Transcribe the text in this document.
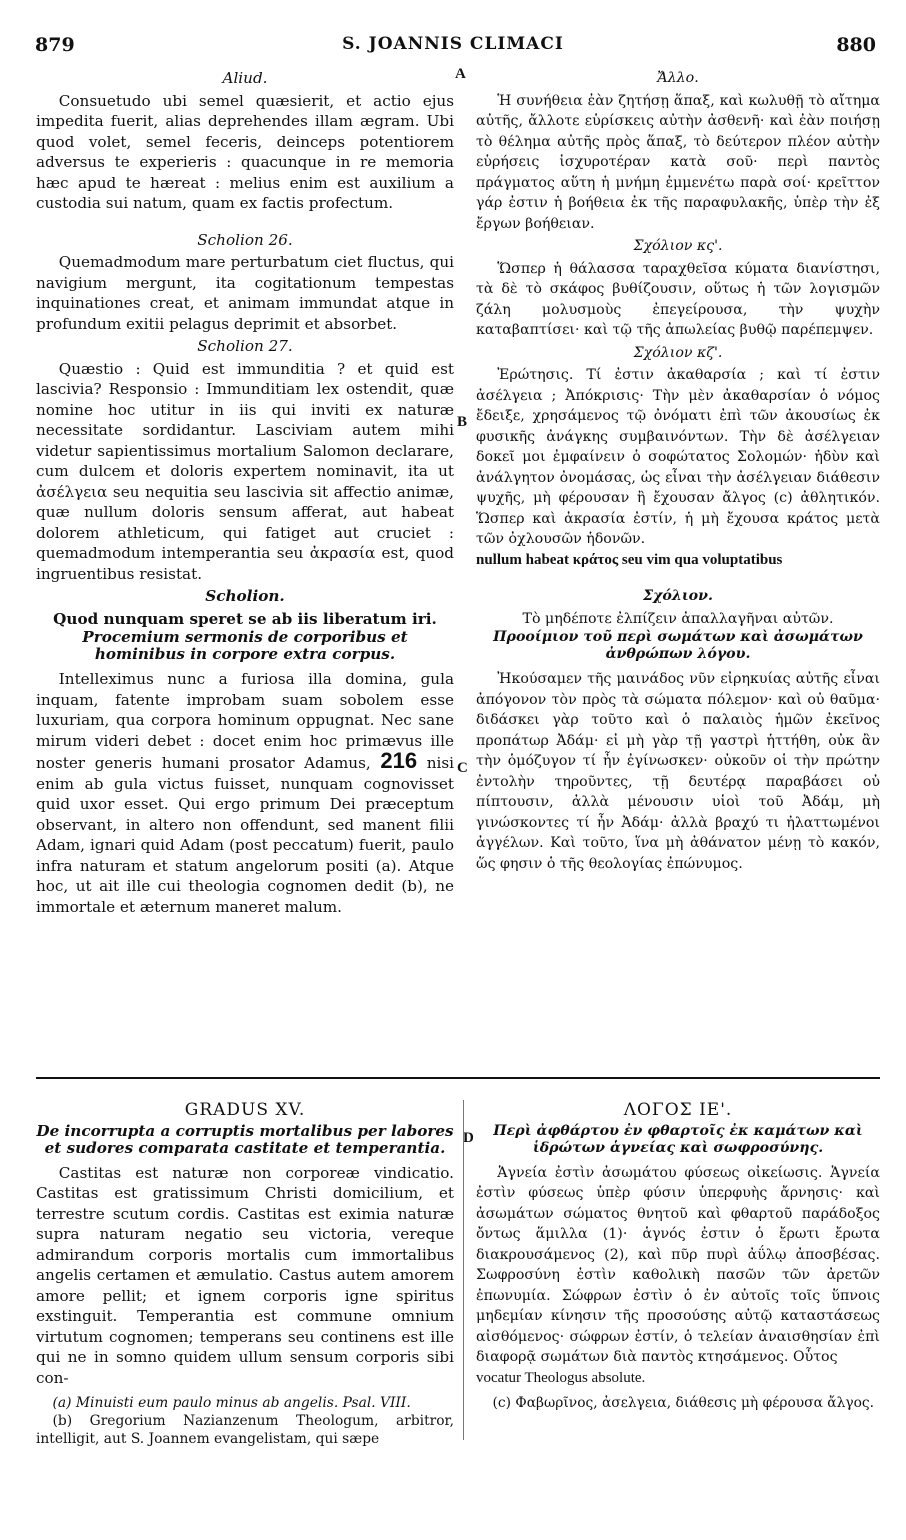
879	S. JOANNIS CLIMACI	880
A
B
C
D
Aliud.

Consuetudo ubi semel quæsierit, et actio ejus impedita fuerit, alias deprehendes illam ægram. Ubi quod volet, semel feceris, deinceps potentiorem adversus te experieris : quacunque in re memoria hæc apud te hæreat : melius enim est auxilium a custodia sui natum, quam ex factis profectum.

Scholion 26.

Quemadmodum mare perturbatum ciet fluctus, qui navigium mergunt, ita cogitationum tempestas inquinationes creat, et animam immundat atque in profundum exitii pelagus deprimit et absorbet.

Scholion 27.

Quæstio : Quid est immunditia ? et quid est lascivia? Responsio : Immunditiam lex ostendit, quæ nomine hoc utitur in iis qui inviti ex naturæ necessitate sordidantur. Lasciviam autem mihi videtur sapientissimus mortalium Salomon declarare, cum dulcem et doloris expertem nominavit, ita ut ἀσέλγεια seu nequitia seu lascivia sit affectio animæ, quæ nullum doloris sensum afferat, aut habeat dolorem athleticum, qui fatiget aut cruciet : quemadmodum intemperantia seu ἀκρασία est, quod ingruentibus resistat.

Scholion.

Quod nunquam speret se ab iis liberatum iri.

Procemium sermonis de corporibus et hominibus in corpore extra corpus.

Intelleximus nunc a furiosa illa domina, gula inquam, fatente improbam suam sobolem esse luxuriam, qua corpora hominum oppugnat. Nec sane mirum videri debet : docet enim hoc primævus ille noster generis humani prosator Adamus, 216 nisi enim ab gula victus fuisset, nunquam cognovisset quid uxor esset. Qui ergo primum Dei præceptum observant, in altero non offendunt, sed manent filii Adam, ignari quid Adam (post peccatum) fuerit, paulo infra naturam et statum angelorum positi (a). Atque hoc, ut ait ille cui theologia cognomen dedit (b), ne immortale et æternum maneret malum.

Ἄλλο.

Ἡ συνήθεια ἐὰν ζητήσῃ ἅπαξ, καὶ κωλυθῇ τὸ αἴτημα αὐτῆς, ἄλλοτε εὑρίσκεις αὐτὴν ἀσθενῆ· καὶ ἐὰν ποιήσῃ τὸ θέλημα αὐτῆς πρὸς ἅπαξ, τὸ δεύτερον πλέον αὐτὴν εὑρήσεις ἰσχυροτέραν κατὰ σοῦ· περὶ παντὸς πράγματος αὕτη ἡ μνήμη ἐμμενέτω παρὰ σοί· κρεῖττον γάρ ἐστιν ἡ βοήθεια ἐκ τῆς παραφυλακῆς, ὑπὲρ τὴν ἐξ ἔργων βοήθειαν.

Σχόλιον κς'.

Ὥσπερ ἡ θάλασσα ταραχθεῖσα κύματα διανίστησι, τὰ δὲ τὸ σκάφος βυθίζουσιν, οὕτως ἡ τῶν λογισμῶν ζάλη μολυσμοὺς ἐπεγείρουσα, τὴν ψυχὴν καταβαπτίσει· καὶ τῷ τῆς ἀπωλείας βυθῷ παρέπεμψεν.

Σχόλιον κζ'.

Ἐρώτησις. Τί ἐστιν ἀκαθαρσία ; καὶ τί ἐστιν ἀσέλγεια ; Ἀπόκρισις· Τὴν μὲν ἀκαθαρσίαν ὁ νόμος ἔδειξε, χρησάμενος τῷ ὀνόματι ἐπὶ τῶν ἀκουσίως ἐκ φυσικῆς ἀνάγκης συμβαινόντων. Τὴν δὲ ἀσέλγειαν δοκεῖ μοι ἐμφαίνειν ὁ σοφώτατος Σολομών· ἡδὺν καὶ ἀνάλγητον ὀνομάσας, ὡς εἶναι τὴν ἀσέλγειαν διάθεσιν ψυχῆς, μὴ φέρουσαν ἢ ἔχουσαν ἄλγος (c) ἀθλητικόν. Ὥσπερ καὶ ἀκρασία ἐστίν, ἡ μὴ ἔχουσα κράτος μετὰ τῶν ὀχλουσῶν ἡδονῶν.

nullum habeat κράτος seu vim qua voluptatibus

Σχόλιον.

Τὸ μηδέποτε ἐλπίζειν ἀπαλλαγῆναι αὐτῶν.

Προοίμιον τοῦ περὶ σωμάτων καὶ ἀσωμάτων ἀνθρώπων λόγου.

Ἠκούσαμεν τῆς μαινάδος νῦν εἰρηκυίας αὐτῆς εἶναι ἀπόγονον τὸν πρὸς τὰ σώματα πόλεμον· καὶ οὐ θαῦμα· διδάσκει γὰρ τοῦτο καὶ ὁ παλαιὸς ἡμῶν ἐκεῖνος προπάτωρ Ἀδάμ· εἰ μὴ γὰρ τῇ γαστρὶ ἡττήθη, οὐκ ἂν τὴν ὁμόζυγον τί ἦν ἐγίνωσκεν· οὐκοῦν οἱ τὴν πρώτην ἐντολὴν τηροῦντες, τῇ δευτέρᾳ παραβάσει οὐ πίπτουσιν, ἀλλὰ μένουσιν υἱοὶ τοῦ Ἀδάμ, μὴ γινώσκοντες τί ἦν Ἀδάμ· ἀλλὰ βραχύ τι ἠλαττωμένοι ἀγγέλων. Καὶ τοῦτο, ἵνα μὴ ἀθάνατον μένῃ τὸ κακόν, ὥς φησιν ὁ τῆς θεολογίας ἐπώνυμος.

GRADUS XV.
De incorrupta a corruptis mortalibus per labores et sudores comparata castitate et temperantia.

Castitas est naturæ non corporeæ vindicatio. Castitas est gratissimum Christi domicilium, et terrestre scutum cordis. Castitas est eximia naturæ supra naturam negatio seu victoria, vereque admirandum corporis mortalis cum immortalibus angelis certamen et æmulatio. Castus autem amorem amore pellit; et ignem corporis igne spiritus exstinguit. Temperantia est commune omnium virtutum cognomen; temperans seu continens est ille qui ne in somno quidem ullum sensum corporis sibi con-

(a) Minuisti eum paulo minus ab angelis. Psal. VIII.

(b) Gregorium Nazianzenum Theologum, arbitror, intelligit, aut S. Joannem evangelistam, qui sæpe

ΛΟΓΟΣ ΙΕ'.
Περὶ ἀφθάρτου ἐν φθαρτοῖς ἐκ καμάτων καὶ ἱδρώτων ἁγνείας καὶ σωφροσύνης.

Ἁγνεία ἐστὶν ἀσωμάτου φύσεως οἰκείωσις. Ἁγνεία ἐστὶν φύσεως ὑπὲρ φύσιν ὑπερφυὴς ἄρνησις· καὶ ἀσωμάτων σώματος θνητοῦ καὶ φθαρτοῦ παράδοξος ὄντως ἅμιλλα (1)· ἁγνός ἐστιν ὁ ἔρωτι ἔρωτα διακρουσάμενος (2), καὶ πῦρ πυρὶ ἀΰλῳ ἀποσβέσας. Σωφροσύνη ἐστὶν καθολικὴ πασῶν τῶν ἀρετῶν ἐπωνυμία. Σώφρων ἐστὶν ὁ ἐν αὐτοῖς τοῖς ὕπνοις μηδεμίαν κίνησιν τῆς προσούσης αὐτῷ καταστάσεως αἰσθόμενος· σώφρων ἐστίν, ὁ τελείαν ἀναισθησίαν ἐπὶ διαφορᾷ σωμάτων διὰ παντὸς κτησάμενος. Οὗτος

vocatur Theologus absolute.

(c) Φαβωρῖνος, ἀσελγεια, διάθεσις μὴ φέρουσα ἄλγος.
